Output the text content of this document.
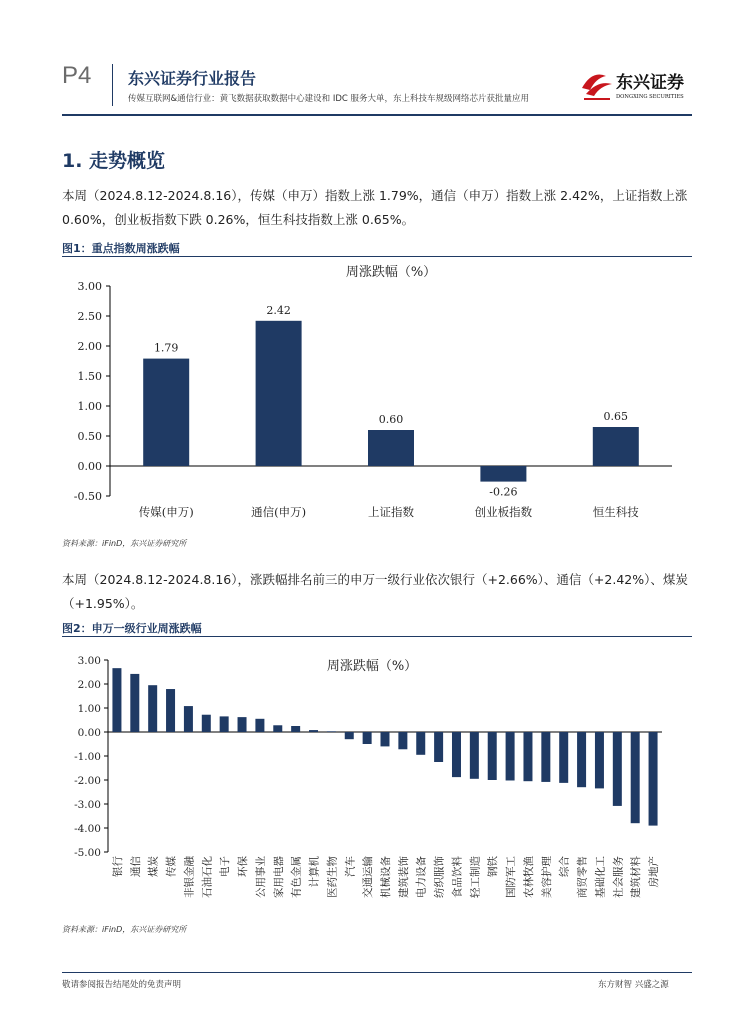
P4 东兴证券行业报告
传媒互联网&通信行业：黄飞数据获取数据中心建设和 IDC 服务大单，东上科技车规级网络芯片获批量应用
东兴证券
DONGXING SECURITIES
1. 走势概览
本周（2024.8.12-2024.8.16），传媒（申万）指数上涨 1.79%，通信（申万）指数上涨 2.42%，上证指数上涨 0.60%，创业板指数下跌 0.26%，恒生科技指数上涨 0.65%。
图1：重点指数周涨跌幅
周涨跌幅（%）
3.00
2.50
2.00
1.50
1.00
0.50
0.00
-0.50
1.79
传媒(申万)
2.42
通信(申万)
0.60
上证指数
-0.26
创业板指数
0.65
恒生科技
资料来源：iFinD，东兴证券研究所
本周（2024.8.12-2024.8.16），涨跌幅排名前三的申万一级行业依次银行（+2.66%）、通信（+2.42%）、煤炭（+1.95%）。
图2：申万一级行业周涨跌幅
周涨跌幅（%）
3.00
2.00
1.00
0.00
-1.00
-2.00
-3.00
-4.00
-5.00
银行 通信 煤炭 传媒 非银金融 石油石化 电子 环保 公用事业 家用电器 有色金属 计算机 医药生物 汽车 交通运输 机械设备 建筑装饰 电力设备 纺织服饰 食品饮料 轻工制造 钢铁 国防军工 农林牧渔 美容护理 综合 商贸零售 基础化工 社会服务 建筑材料 房地产
资料来源：iFinD，东兴证券研究所
敬请参阅报告结尾处的免责声明	东方财智 兴盛之源
